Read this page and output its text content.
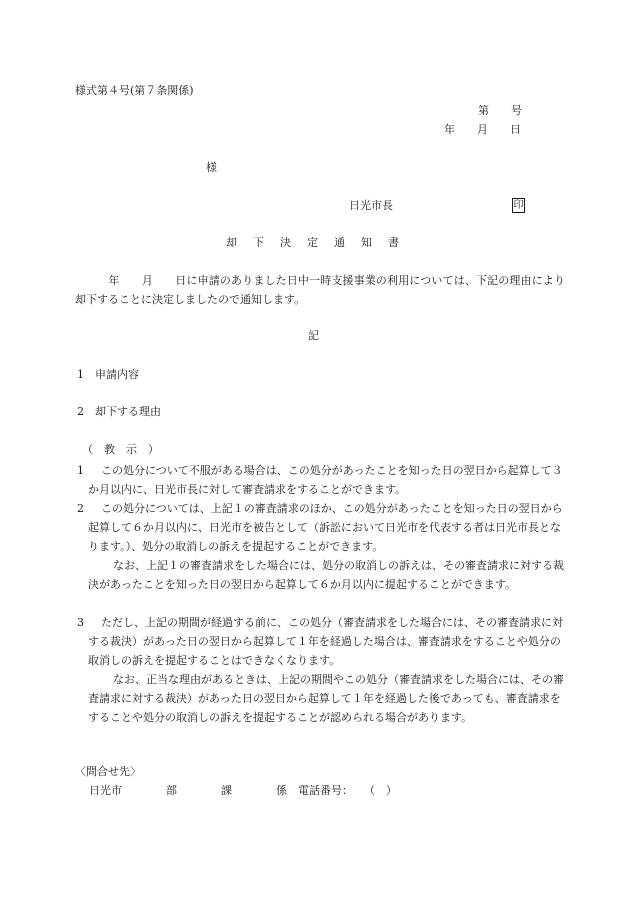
様式第４号(第７条関係)
第　　号
年　　月　　日
様
日光市長	印
却下決定通知書
　　　年　　月　　日に申請のありました日中一時支援事業の利用については、下記の理由により却下することに決定しましたので通知します。
記
1　申請内容
2　却下する理由
（　教　示　）
1	この処分について不服がある場合は、この処分があったことを知った日の翌日から起算して３か月以内に、日光市長に対して審査請求をすることができます。
2	この処分については、上記１の審査請求のほか、この処分があったことを知った日の翌日から起算して６か月以内に、日光市を被告として（訴訟において日光市を代表する者は日光市長となります。）、処分の取消しの訴えを提起することができます。
なお、上記１の審査請求をした場合には、処分の取消しの訴えは、その審査請求に対する裁決があったことを知った日の翌日から起算して６か月以内に提起することができます。
3	ただし、上記の期間が経過する前に、この処分（審査請求をした場合には、その審査請求に対する裁決）があった日の翌日から起算して１年を経過した場合は、審査請求をすることや処分の取消しの訴えを提起することはできなくなります。
なお、正当な理由があるときは、上記の期間やこの処分（審査請求をした場合には、その審査請求に対する裁決）があった日の翌日から起算して１年を経過した後であっても、審査請求をすることや処分の取消しの訴えを提起することが認められる場合があります。
〈問合せ先〉
日光市　　　　部　　　　課　　　　係　電話番号：　　（　）
